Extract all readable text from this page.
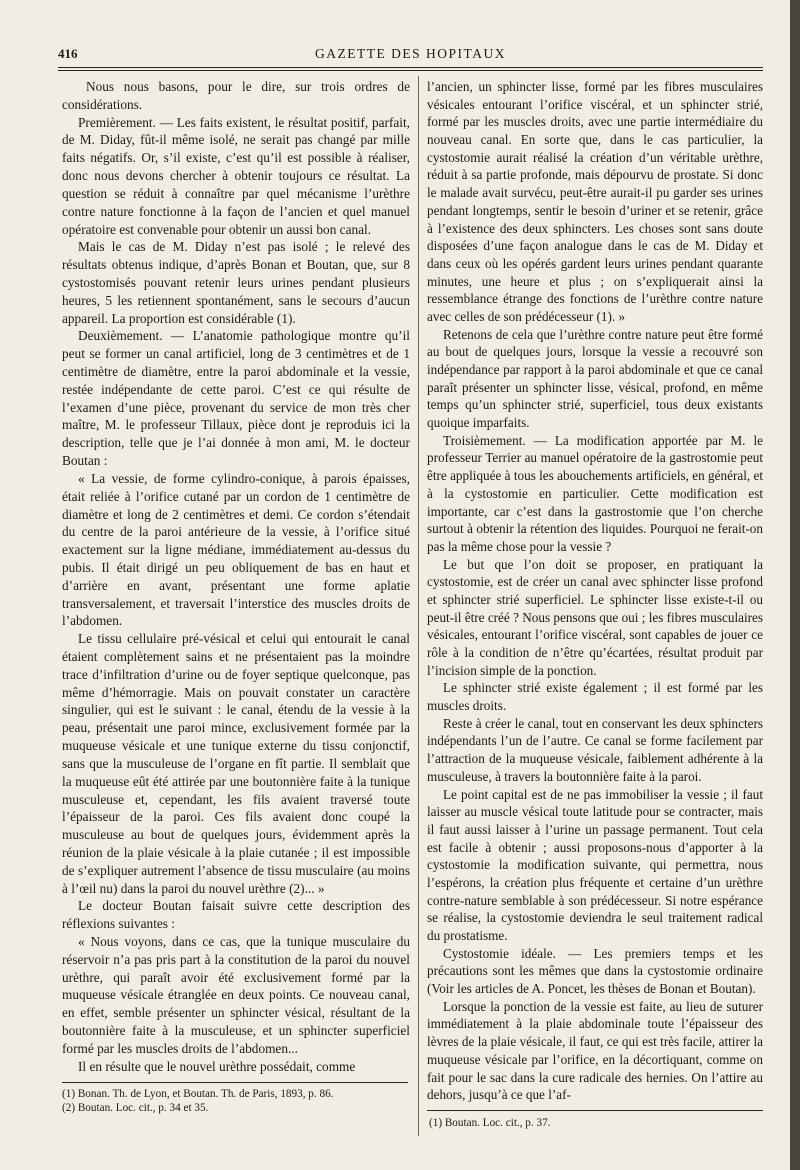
416	GAZETTE DES HOPITAUX

Nous nous basons, pour le dire, sur trois ordres de considérations.

Premièrement. — Les faits existent, le résultat positif, parfait, de M. Diday, fût-il même isolé, ne serait pas changé par mille faits négatifs. Or, s’il existe, c’est qu’il est possible à réaliser, donc nous devons chercher à obtenir toujours ce résultat. La question se réduit à connaître par quel mécanisme l’urèthre contre nature fonctionne à la façon de l’ancien et quel manuel opératoire est convenable pour obtenir un aussi bon canal.

Mais le cas de M. Diday n’est pas isolé ; le relevé des résultats obtenus indique, d’après Bonan et Boutan, que, sur 8 cystostomisés pouvant retenir leurs urines pendant plusieurs heures, 5 les retiennent spontanément, sans le secours d’aucun appareil. La proportion est considérable (1).

Deuxièmement. — L’anatomie pathologique montre qu’il peut se former un canal artificiel, long de 3 centimètres et de 1 centimètre de diamètre, entre la paroi abdominale et la vessie, restée indépendante de cette paroi. C’est ce qui résulte de l’examen d’une pièce, provenant du service de mon très cher maître, M. le professeur Tillaux, pièce dont je reproduis ici la description, telle que je l’ai donnée à mon ami, M. le docteur Boutan :

« La vessie, de forme cylindro-conique, à parois épaisses, était reliée à l’orifice cutané par un cordon de 1 centimètre de diamètre et long de 2 centimètres et demi. Ce cordon s’étendait du centre de la paroi antérieure de la vessie, à l’orifice situé exactement sur la ligne médiane, immédiatement au-dessus du pubis. Il était dirigé un peu obliquement de bas en haut et d’arrière en avant, présentant une forme aplatie transversalement, et traversait l’interstice des muscles droits de l’abdomen.

Le tissu cellulaire pré-vésical et celui qui entourait le canal étaient complètement sains et ne présentaient pas la moindre trace d’infiltration d’urine ou de foyer septique quelconque, pas même d’hémorragie. Mais on pouvait constater un caractère singulier, qui est le suivant : le canal, étendu de la vessie à la peau, présentait une paroi mince, exclusivement formée par la muqueuse vésicale et une tunique externe du tissu conjonctif, sans que la musculeuse de l’organe en fît partie. Il semblait que la muqueuse eût été attirée par une boutonnière faite à la tunique musculeuse et, cependant, les fils avaient traversé toute l’épaisseur de la paroi. Ces fils avaient donc coupé la musculeuse au bout de quelques jours, évidemment après la réunion de la plaie vésicale à la plaie cutanée ; il est impossible de s’expliquer autrement l’absence de tissu musculaire (au moins à l’œil nu) dans la paroi du nouvel urèthre (2)... »

Le docteur Boutan faisait suivre cette description des réflexions suivantes :

« Nous voyons, dans ce cas, que la tunique musculaire du réservoir n’a pas pris part à la constitution de la paroi du nouvel urèthre, qui paraît avoir été exclusivement formé par la muqueuse vésicale étranglée en deux points. Ce nouveau canal, en effet, semble présenter un sphincter vésical, résultant de la boutonnière faite à la musculeuse, et un sphincter superficiel formé par les muscles droits de l’abdomen...

Il en résulte que le nouvel urèthre possédait, comme

l’ancien, un sphincter lisse, formé par les fibres musculaires vésicales entourant l’orifice viscéral, et un sphincter strié, formé par les muscles droits, avec une partie intermédiaire du nouveau canal. En sorte que, dans le cas particulier, la cystostomie aurait réalisé la création d’un véritable urèthre, réduit à sa partie profonde, mais dépourvu de prostate. Si donc le malade avait survécu, peut-être aurait-il pu garder ses urines pendant longtemps, sentir le besoin d’uriner et se retenir, grâce à l’existence des deux sphincters. Les choses sont sans doute disposées d’une façon analogue dans le cas de M. Diday et dans ceux où les opérés gardent leurs urines pendant quarante minutes, une heure et plus ; on s’expliquerait ainsi la ressemblance étrange des fonctions de l’urèthre contre nature avec celles de son prédécesseur (1). »

Retenons de cela que l’urèthre contre nature peut être formé au bout de quelques jours, lorsque la vessie a recouvré son indépendance par rapport à la paroi abdominale et que ce canal paraît présenter un sphincter lisse, vésical, profond, en même temps qu’un sphincter strié, superficiel, tous deux existants quoique imparfaits.

Troisièmement. — La modification apportée par M. le professeur Terrier au manuel opératoire de la gastrostomie peut être appliquée à tous les abouchements artificiels, en général, et à la cystostomie en particulier. Cette modification est importante, car c’est dans la gastrostomie que l’on cherche surtout à obtenir la rétention des liquides. Pourquoi ne ferait-on pas la même chose pour la vessie ?

Le but que l’on doit se proposer, en pratiquant la cystostomie, est de créer un canal avec sphincter lisse profond et sphincter strié superficiel. Le sphincter lisse existe-t-il ou peut-il être créé ? Nous pensons que oui ; les fibres musculaires vésicales, entourant l’orifice viscéral, sont capables de jouer ce rôle à la condition de n’être qu’écartées, résultat produit par l’incision simple de la ponction.

Le sphincter strié existe également ; il est formé par les muscles droits.

Reste à créer le canal, tout en conservant les deux sphincters indépendants l’un de l’autre. Ce canal se forme facilement par l’attraction de la muqueuse vésicale, faiblement adhérente à la musculeuse, à travers la boutonnière faite à la paroi.

Le point capital est de ne pas immobiliser la vessie ; il faut laisser au muscle vésical toute latitude pour se contracter, mais il faut aussi laisser à l’urine un passage permanent. Tout cela est facile à obtenir ; aussi proposons-nous d’apporter à la cystostomie la modification suivante, qui permettra, nous l’espérons, la création plus fréquente et certaine d’un urèthre contre-nature semblable à son prédécesseur. Si notre espérance se réalise, la cystostomie deviendra le seul traitement radical du prostatisme.

Cystostomie idéale. — Les premiers temps et les précautions sont les mêmes que dans la cystostomie ordinaire (Voir les articles de A. Poncet, les thèses de Bonan et Boutan).

Lorsque la ponction de la vessie est faite, au lieu de suturer immédiatement à la plaie abdominale toute l’épaisseur des lèvres de la plaie vésicale, il faut, ce qui est très facile, attirer la muqueuse vésicale par l’orifice, en la décortiquant, comme on fait pour le sac dans la cure radicale des hernies. On l’attire au dehors, jusqu’à ce que l’af-

(1) Bonan. Th. de Lyon, et Boutan. Th. de Paris, 1893, p. 86.
(2) Boutan. Loc. cit., p. 34 et 35.
(1) Boutan. Loc. cit., p. 37.
